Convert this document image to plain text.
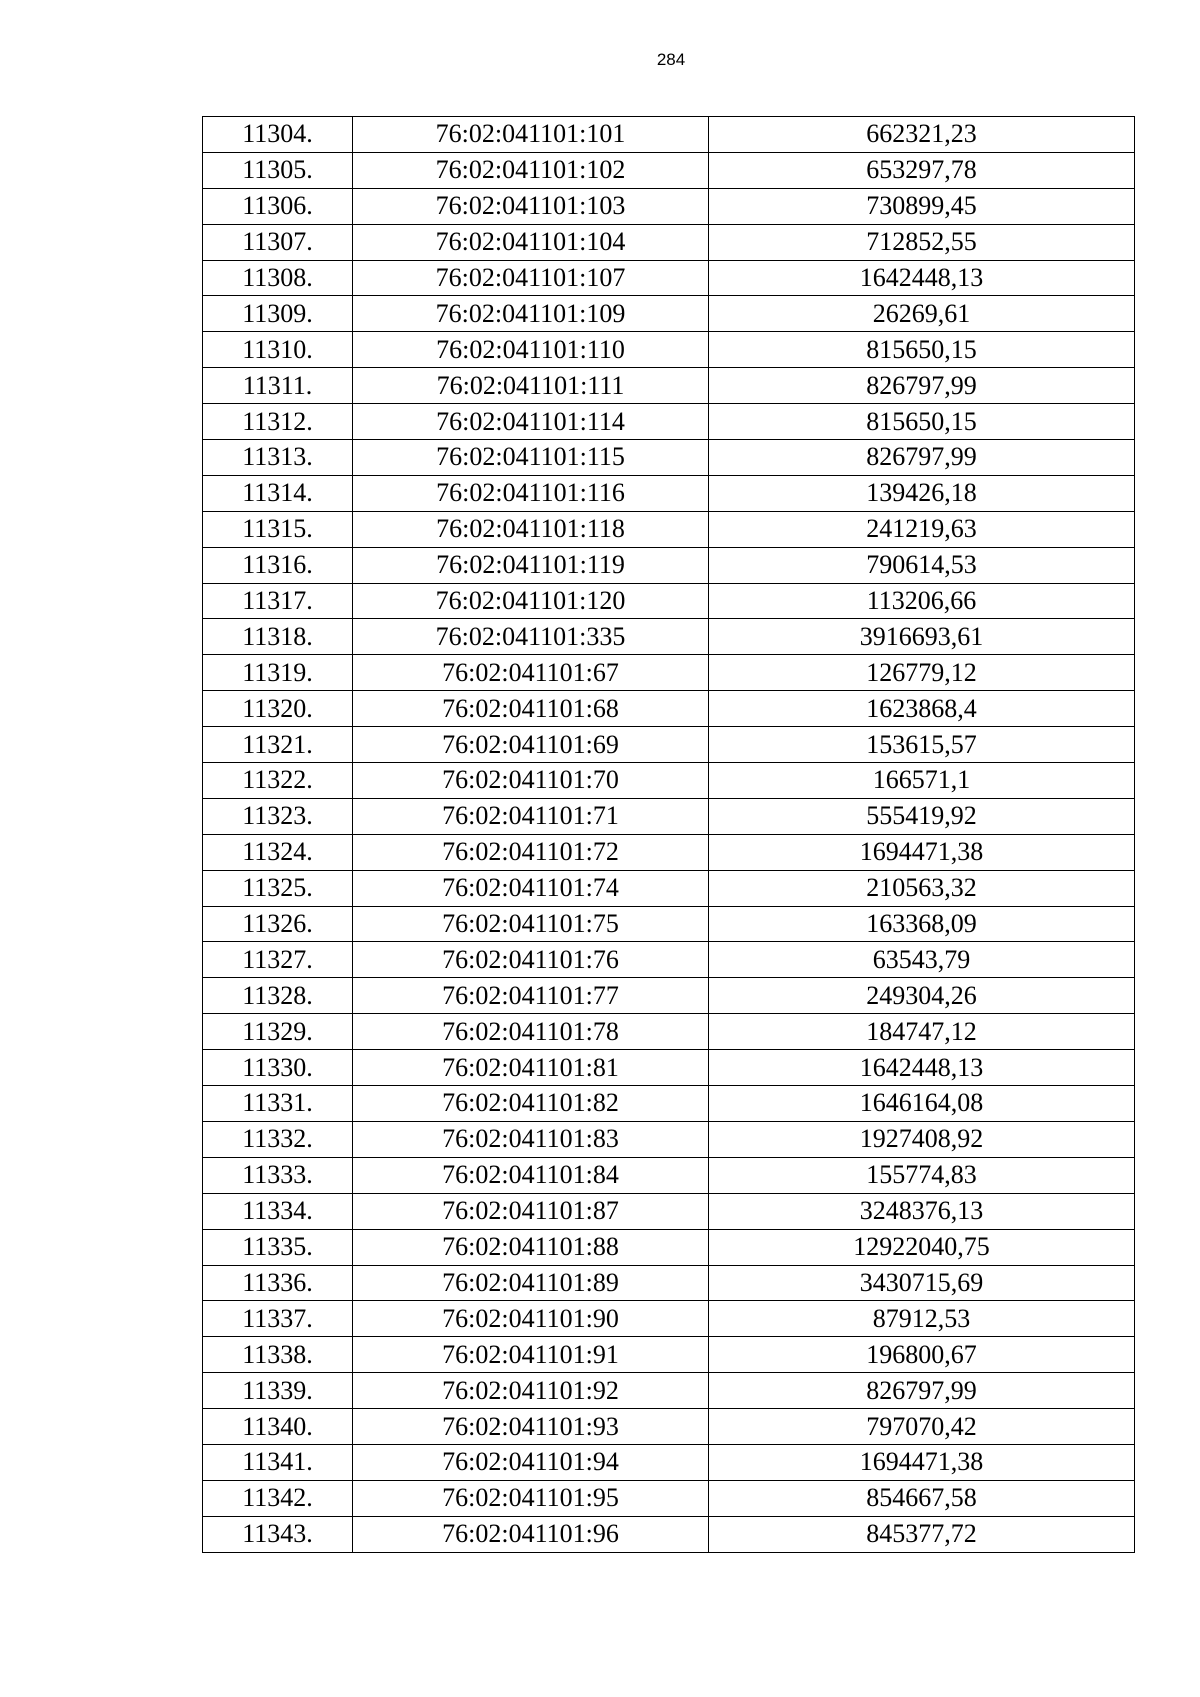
284
11304.	76:02:041101:101	662321,23
11305.	76:02:041101:102	653297,78
11306.	76:02:041101:103	730899,45
11307.	76:02:041101:104	712852,55
11308.	76:02:041101:107	1642448,13
11309.	76:02:041101:109	26269,61
11310.	76:02:041101:110	815650,15
11311.	76:02:041101:111	826797,99
11312.	76:02:041101:114	815650,15
11313.	76:02:041101:115	826797,99
11314.	76:02:041101:116	139426,18
11315.	76:02:041101:118	241219,63
11316.	76:02:041101:119	790614,53
11317.	76:02:041101:120	113206,66
11318.	76:02:041101:335	3916693,61
11319.	76:02:041101:67	126779,12
11320.	76:02:041101:68	1623868,4
11321.	76:02:041101:69	153615,57
11322.	76:02:041101:70	166571,1
11323.	76:02:041101:71	555419,92
11324.	76:02:041101:72	1694471,38
11325.	76:02:041101:74	210563,32
11326.	76:02:041101:75	163368,09
11327.	76:02:041101:76	63543,79
11328.	76:02:041101:77	249304,26
11329.	76:02:041101:78	184747,12
11330.	76:02:041101:81	1642448,13
11331.	76:02:041101:82	1646164,08
11332.	76:02:041101:83	1927408,92
11333.	76:02:041101:84	155774,83
11334.	76:02:041101:87	3248376,13
11335.	76:02:041101:88	12922040,75
11336.	76:02:041101:89	3430715,69
11337.	76:02:041101:90	87912,53
11338.	76:02:041101:91	196800,67
11339.	76:02:041101:92	826797,99
11340.	76:02:041101:93	797070,42
11341.	76:02:041101:94	1694471,38
11342.	76:02:041101:95	854667,58
11343.	76:02:041101:96	845377,72
